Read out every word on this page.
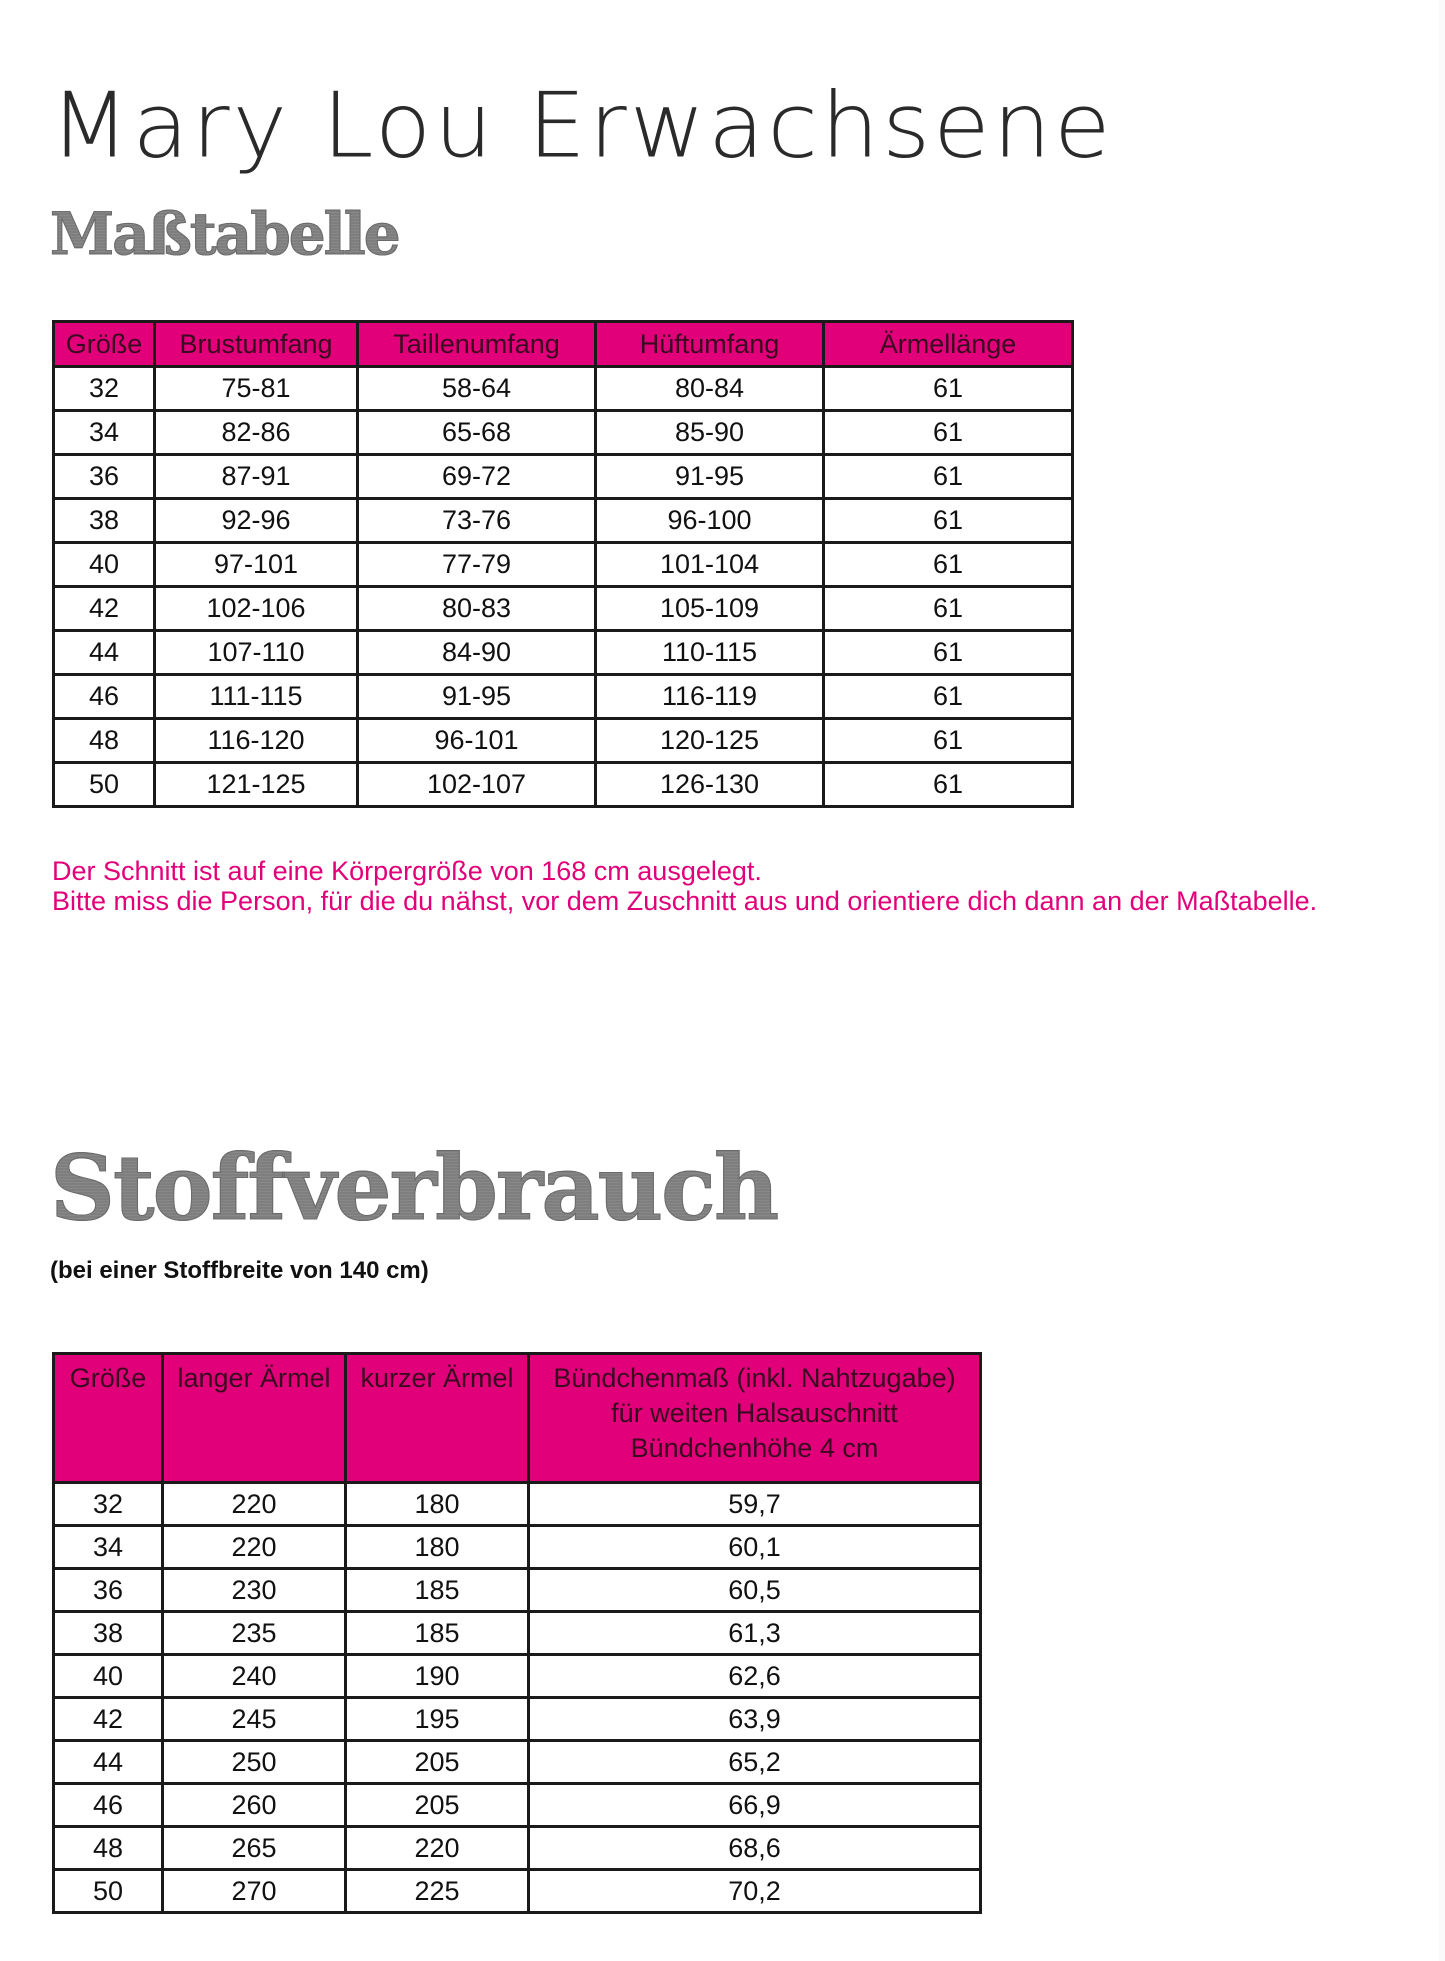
Mary Lou Erwachsene
Maßtabelle
Größe	Brustumfang	Taillenumfang	Hüftumfang	Ärmellänge
32	75-81	58-64	80-84	61
34	82-86	65-68	85-90	61
36	87-91	69-72	91-95	61
38	92-96	73-76	96-100	61
40	97-101	77-79	101-104	61
42	102-106	80-83	105-109	61
44	107-110	84-90	110-115	61
46	111-115	91-95	116-119	61
48	116-120	96-101	120-125	61
50	121-125	102-107	126-130	61

Der Schnitt ist auf eine Körpergröße von 168 cm ausgelegt.
Bitte miss die Person, für die du nähst, vor dem Zuschnitt aus und orientiere dich dann an der Maßtabelle.

Stoffverbrauch

(bei einer Stoffbreite von 140 cm)

Größe	langer Ärmel	kurzer Ärmel	Bündchenmaß (inkl. Nahtzugabe)
für weiten Halsauschnitt
Bündchenhöhe 4 cm
32	220	180	59,7
34	220	180	60,1
36	230	185	60,5
38	235	185	61,3
40	240	190	62,6
42	245	195	63,9
44	250	205	65,2
46	260	205	66,9
48	265	220	68,6
50	270	225	70,2
